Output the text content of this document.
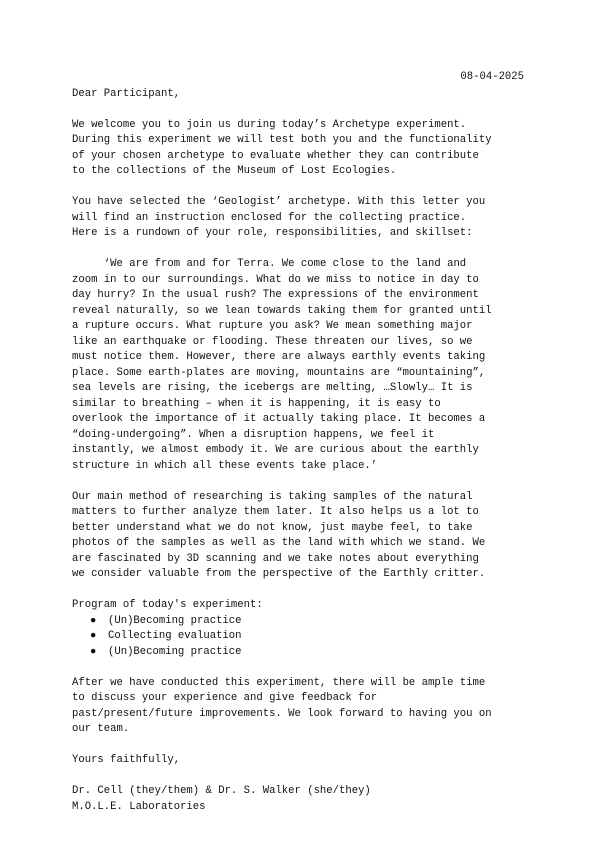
08-04-2025

Dear Participant,

We welcome you to join us during today’s Archetype experiment.
During this experiment we will test both you and the functionality
of your chosen archetype to evaluate whether they can contribute
to the collections of the Museum of Lost Ecologies.

You have selected the ‘Geologist’ archetype. With this letter you
will find an instruction enclosed for the collecting practice.
Here is a rundown of your role, responsibilities, and skillset:

‘We are from and for Terra. We come close to the land and
zoom in to our surroundings. What do we miss to notice in day to
day hurry? In the usual rush? The expressions of the environment
reveal naturally, so we lean towards taking them for granted until
a rupture occurs. What rupture you ask? We mean something major
like an earthquake or flooding. These threaten our lives, so we
must notice them. However, there are always earthly events taking
place. Some earth-plates are moving, mountains are “mountaining”,
sea levels are rising, the icebergs are melting, …Slowly… It is
similar to breathing – when it is happening, it is easy to
overlook the importance of it actually taking place. It becomes a
“doing-undergoing”. When a disruption happens, we feel it
instantly, we almost embody it. We are curious about the earthly
structure in which all these events take place.’

Our main method of researching is taking samples of the natural
matters to further analyze them later. It also helps us a lot to
better understand what we do not know, just maybe feel, to take
photos of the samples as well as the land with which we stand. We
are fascinated by 3D scanning and we take notes about everything
we consider valuable from the perspective of the Earthly critter.

Program of today's experiment:

● (Un)Becoming practice
● Collecting evaluation
● (Un)Becoming practice

After we have conducted this experiment, there will be ample time
to discuss your experience and give feedback for
past/present/future improvements. We look forward to having you on
our team.

Yours faithfully,

Dr. Cell (they/them) & Dr. S. Walker (she/they)

M.O.L.E. Laboratories
